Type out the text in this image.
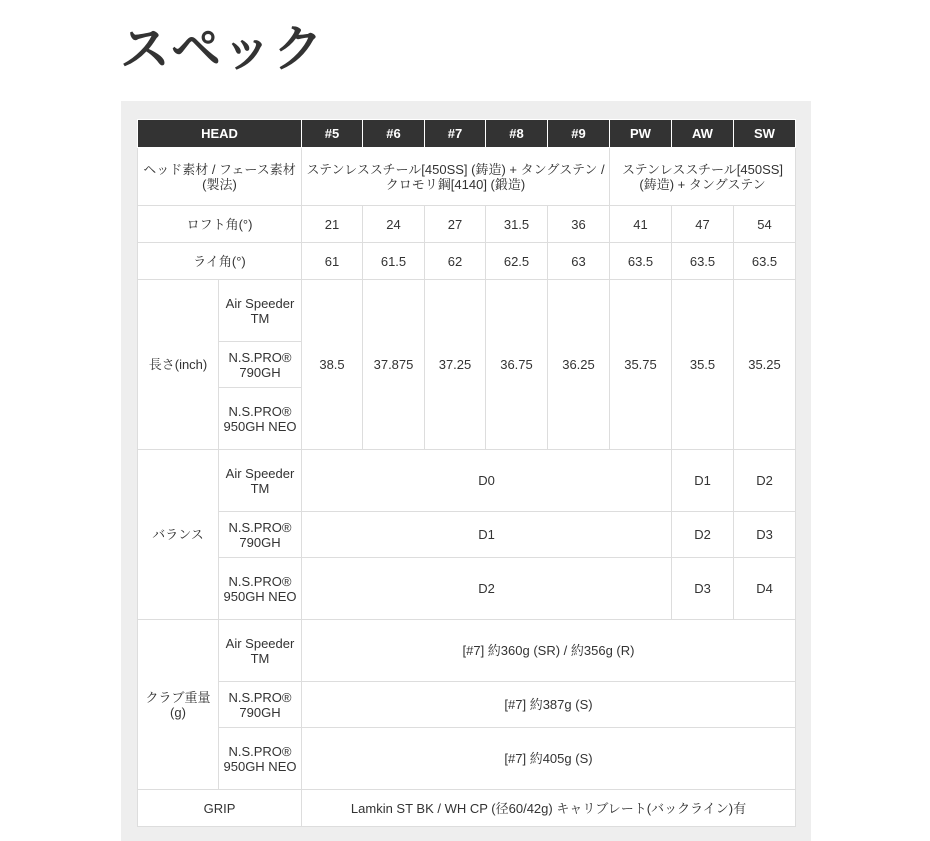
スペック
HEAD		#5	#6	#7	#8	#9	PW	AW	SW
ヘッド素材 / フェース素材(製法)		ステンレススチール[450SS] (鋳造) + タングステン / クロモリ鋼[4140] (鍛造)					ステンレススチール[450SS] (鋳造) + タングステン		
ロフト角(°)		21	24	27	31.5	36	41	47	54
ライ角(°)		61	61.5	62	62.5	63	63.5	63.5	63.5
長さ(inch)	Air Speeder TM	38.5	37.875	37.25	36.75	36.25	35.75	35.5	35.25
	N.S.PRO® 790GH								
	N.S.PRO® 950GH NEO								
バランス	Air Speeder TM	D0						D1	D2
	N.S.PRO® 790GH	D1						D2	D3
	N.S.PRO® 950GH NEO	D2						D3	D4
クラブ重量(g)	Air Speeder TM	[#7] 約360g (SR) / 約356g (R)							
	N.S.PRO® 790GH	[#7] 約387g (S)							
	N.S.PRO® 950GH NEO	[#7] 約405g (S)							
GRIP		Lamkin ST BK / WH CP (径60/42g) キャリブレート(バックライン)有							
